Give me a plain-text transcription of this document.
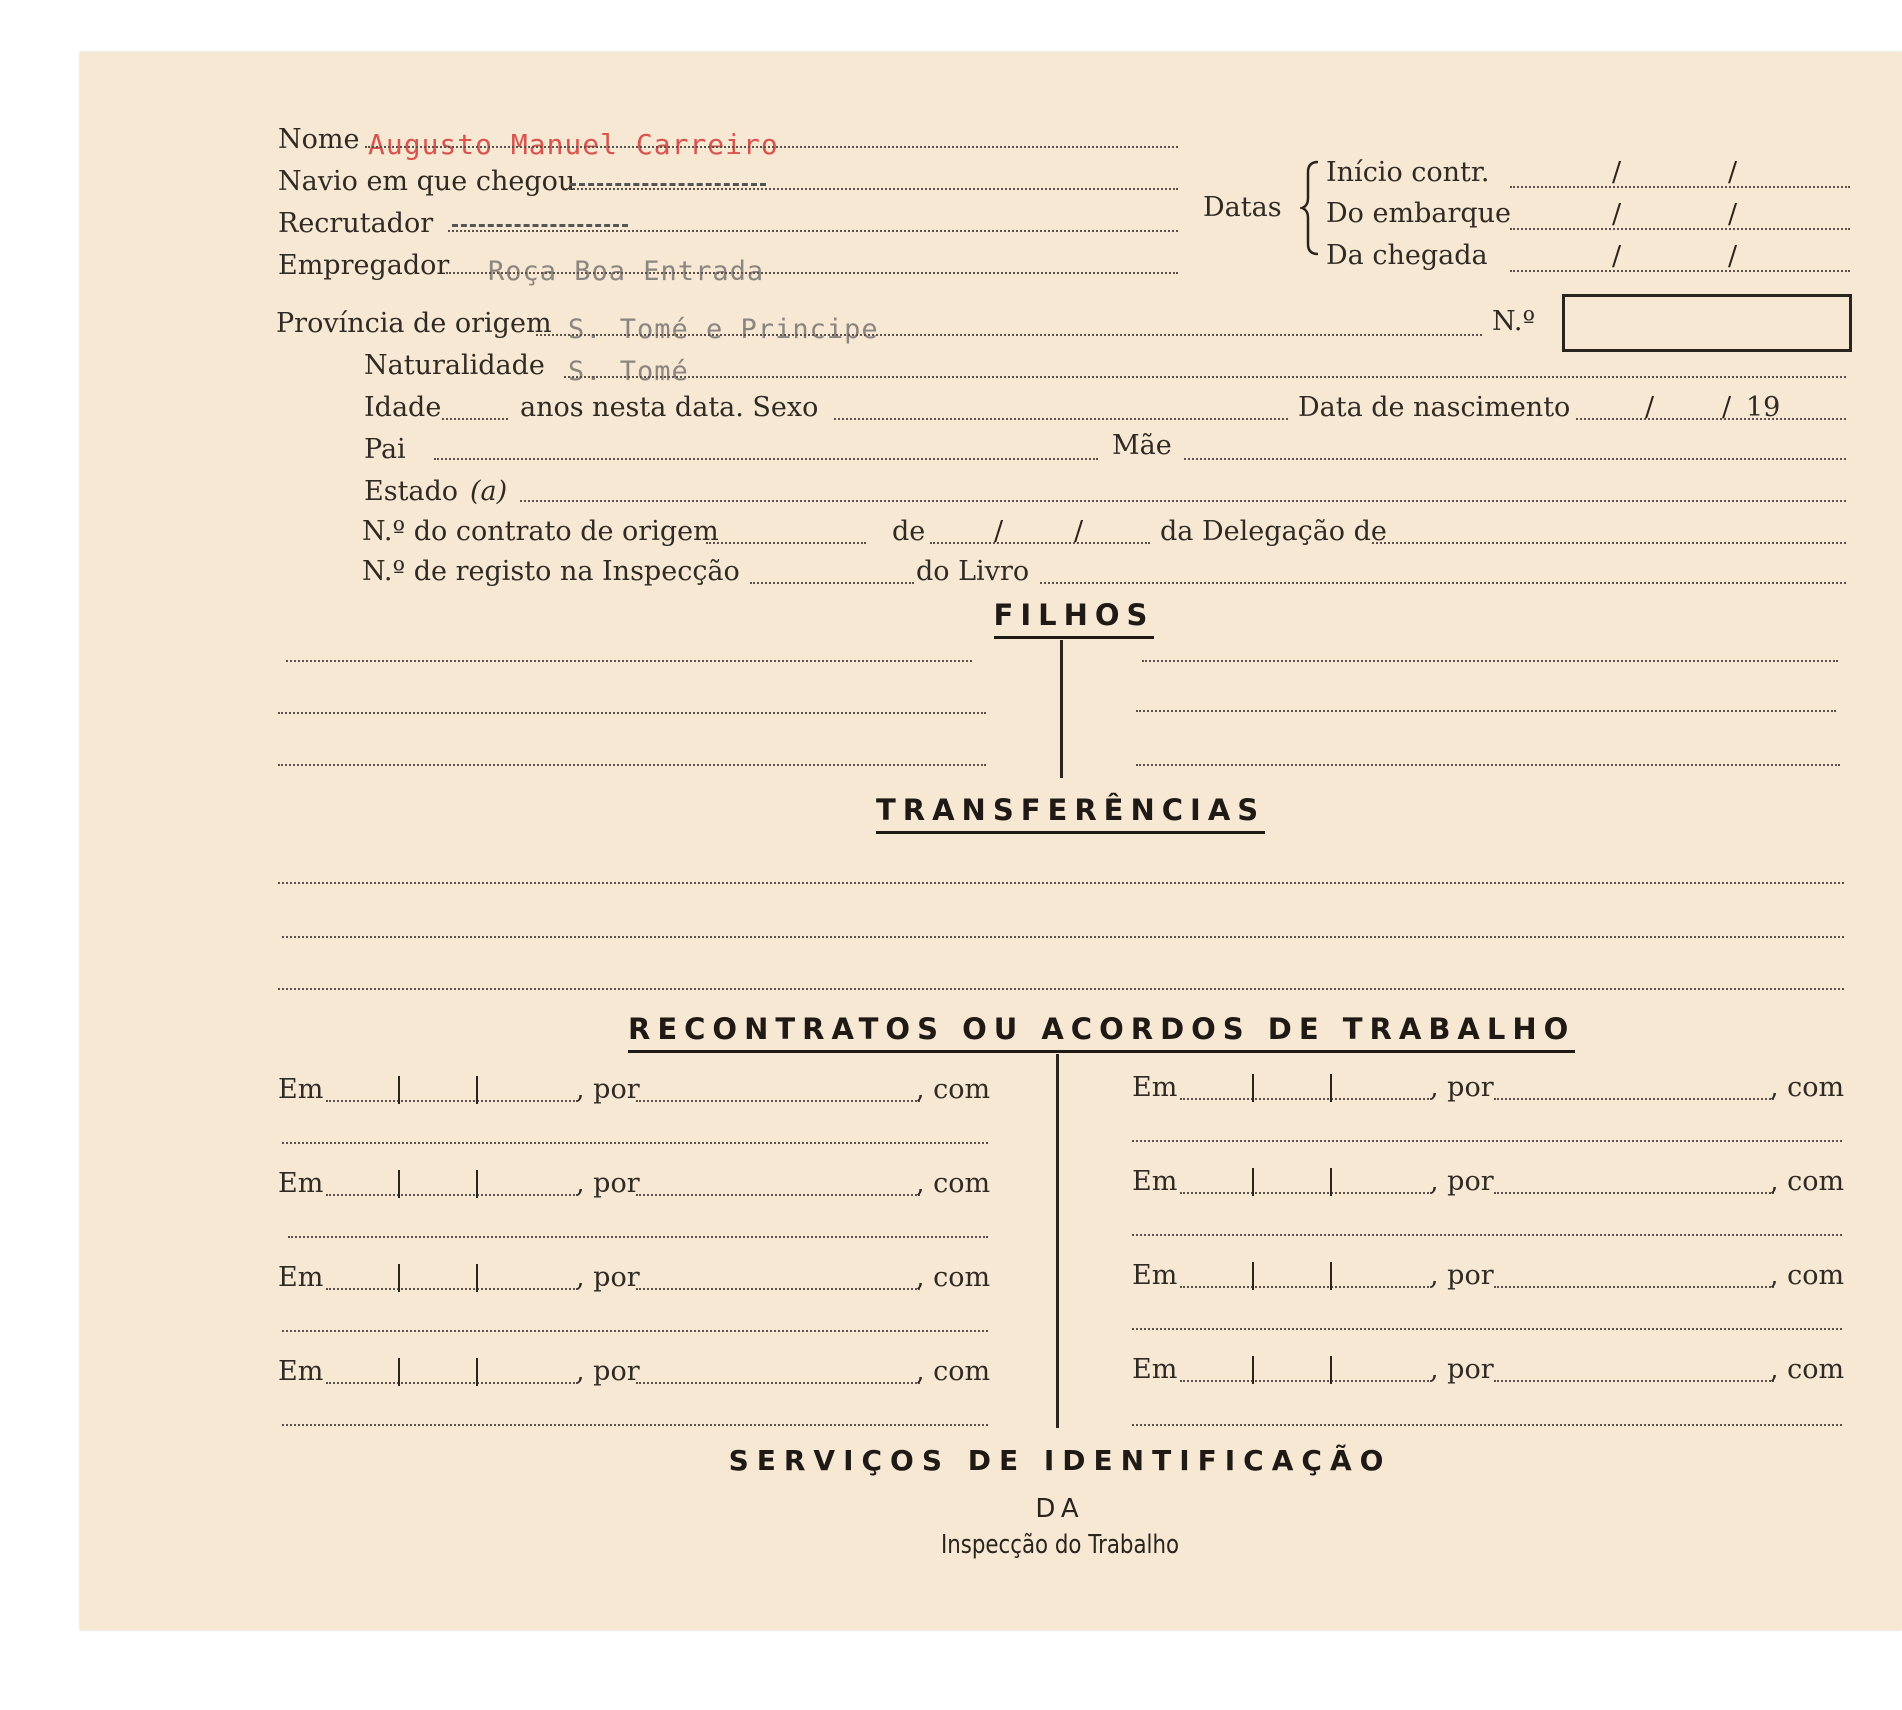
Nome Augusto Manuel Carreiro
Navio em que chegou
Recrutador
Empregador Roça Boa Entrada
Datas
Início contr.	/	/
Do embarque	/	/
Da chegada	/	/
Província de origem S. Tomé e Principe	N.º
Naturalidade S. Tomé
Idade	anos nesta data. Sexo	Data de nascimento	/	/ 19
Pai	Mãe
Estado (a)
N.º do contrato de origem	de	/	/	da Delegação de
N.º de registo na Inspecção	do Livro
FILHOS
TRANSFERÊNCIAS
RECONTRATOS OU ACORDOS DE TRABALHO
Em	, por	, com
Em	, por	, com
Em	, por	, com
Em	, por	, com
Em	, por	, com
Em	, por	, com
Em	, por	, com
Em	, por	, com
SERVIÇOS DE IDENTIFICAÇÃO
DA
Inspecção do Trabalho
